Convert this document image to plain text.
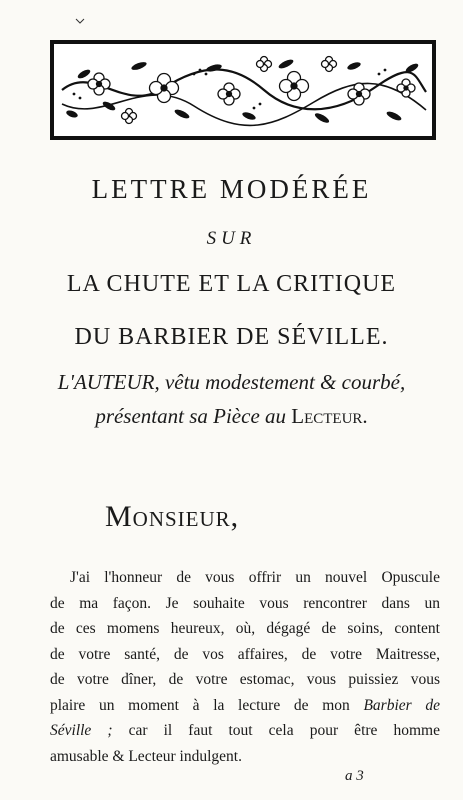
LETTRE MODÉRÉE
SUR
LA CHUTE ET LA CRITIQUE
DU BARBIER DE SÉVILLE.
L'AUTEUR, vêtu modestement & courbé,
présentant sa Pièce au Lecteur.
Monsieur,
J'ai l'honneur de vous offrir un nouvel Opuscule
de ma façon. Je souhaite vous rencontrer dans un
de ces momens heureux, où, dégagé de soins, content
de votre santé, de vos affaires, de votre Maitresse,
de votre dîner, de votre estomac, vous puissiez vous
plaire un moment à la lecture de mon Barbier de
Séville ; car il faut tout cela pour être homme
amusable & Lecteur indulgent.
a 3
